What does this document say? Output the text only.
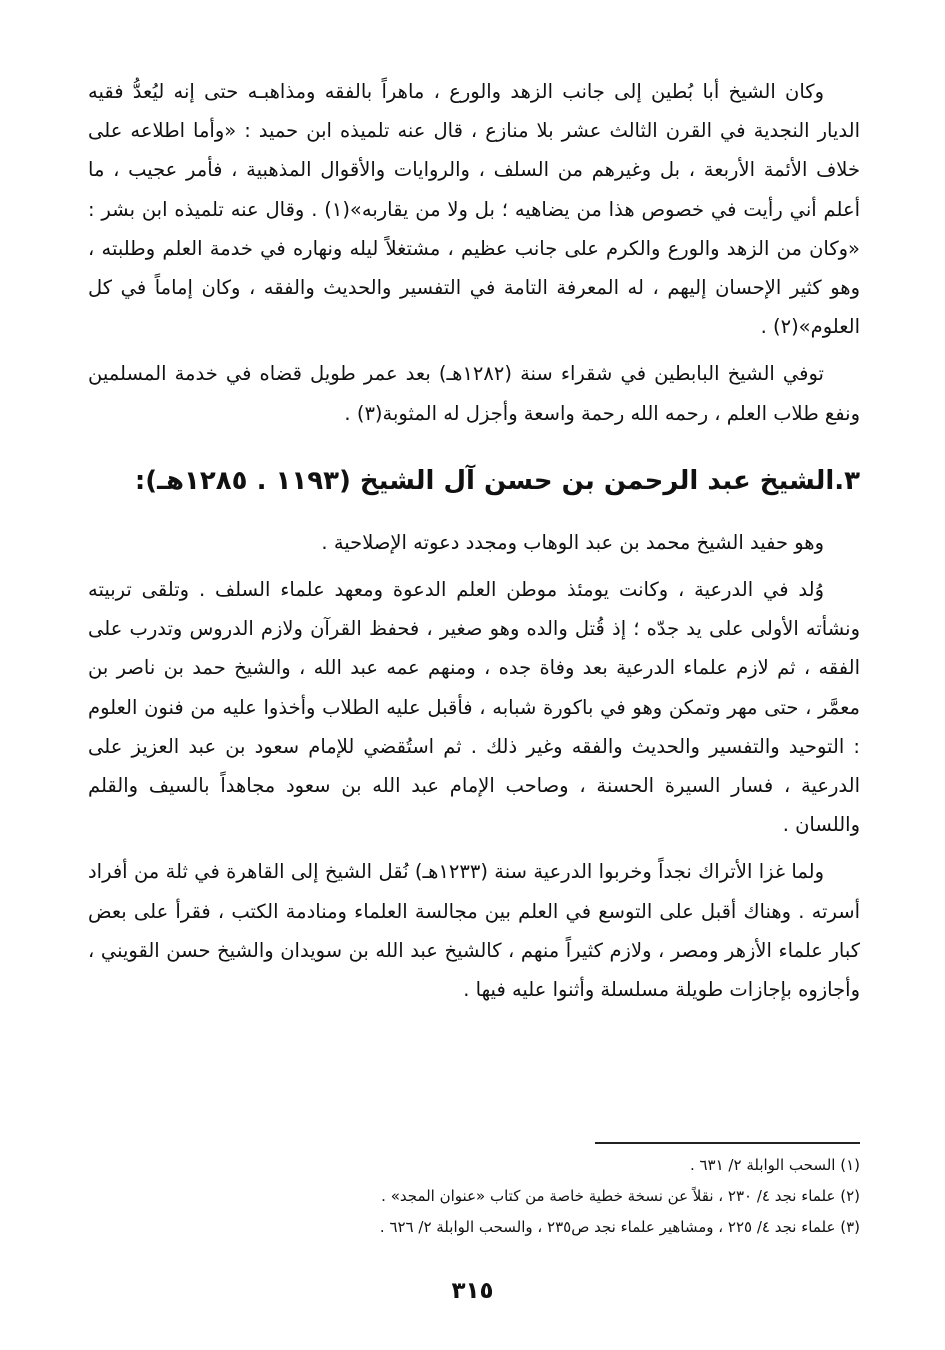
وكان الشيخ أبا بُطين إلى جانب الزهد والورع ، ماهراً بالفقه ومذاهبـه حتى إنه ليُعدُّ فقيه الديار النجدية في القرن الثالث عشر بلا منازع ، قال عنه تلميذه ابن حميد : «وأما اطلاعه على خلاف الأئمة الأربعة ، بل وغيرهم من السلف ، والروايات والأقوال المذهبية ، فأمر عجيب ، ما أعلم أني رأيت في خصوص هذا من يضاهيه ؛ بل ولا من يقاربه»(١) . وقال عنه تلميذه ابن بشر : «وكان من الزهد والورع والكرم على جانب عظيم ، مشتغلاً ليله ونهاره في خدمة العلم وطلبته ، وهو كثير الإحسان إليهم ، له المعرفة التامة في التفسير والحديث والفقه ، وكان إماماً في كل العلوم»(٢) .

توفي الشيخ البابطين في شقراء سنة (١٢٨٢هـ) بعد عمر طويل قضاه في خدمة المسلمين ونفع طلاب العلم ، رحمه الله رحمة واسعة وأجزل له المثوبة(٣) .

٣.الشيخ عبد الرحمن بن حسن آل الشيخ (١١٩٣ . ١٢٨٥هـ):

وهو حفيد الشيخ محمد بن عبد الوهاب ومجدد دعوته الإصلاحية .

وُلد في الدرعية ، وكانت يومئذ موطن العلم الدعوة ومعهد علماء السلف . وتلقى تربيته ونشأته الأولى على يد جدّه ؛ إذ قُتل والده وهو صغير ، فحفظ القرآن ولازم الدروس وتدرب على الفقه ، ثم لازم علماء الدرعية بعد وفاة جده ، ومنهم عمه عبد الله ، والشيخ حمد بن ناصر بن معمَّر ، حتى مهر وتمكن وهو في باكورة شبابه ، فأقبل عليه الطلاب وأخذوا عليه من فنون العلوم : التوحيد والتفسير والحديث والفقه وغير ذلك . ثم استُقضي للإمام سعود بن عبد العزيز على الدرعية ، فسار السيرة الحسنة ، وصاحب الإمام عبد الله بن سعود مجاهداً بالسيف والقلم واللسان .

ولما غزا الأتراك نجداً وخربوا الدرعية سنة (١٢٣٣هـ) نُقل الشيخ إلى القاهرة في ثلة من أفراد أسرته . وهناك أقبل على التوسع في العلم بين مجالسة العلماء ومنادمة الكتب ، فقرأ على بعض كبار علماء الأزهر ومصر ، ولازم كثيراً منهم ، كالشيخ عبد الله بن سويدان والشيخ حسن القويني ، وأجازوه بإجازات طويلة مسلسلة وأثنوا عليه فيها .

(١) السحب الوابلة ٢/ ٦٣١ .

(٢) علماء نجد ٤/ ٢٣٠ ، نقلاً عن نسخة خطية خاصة من كتاب «عنوان المجد» .

(٣) علماء نجد ٤/ ٢٢٥ ، ومشاهير علماء نجد ص٢٣٥ ، والسحب الوابلة ٢/ ٦٢٦ .

٣١٥
